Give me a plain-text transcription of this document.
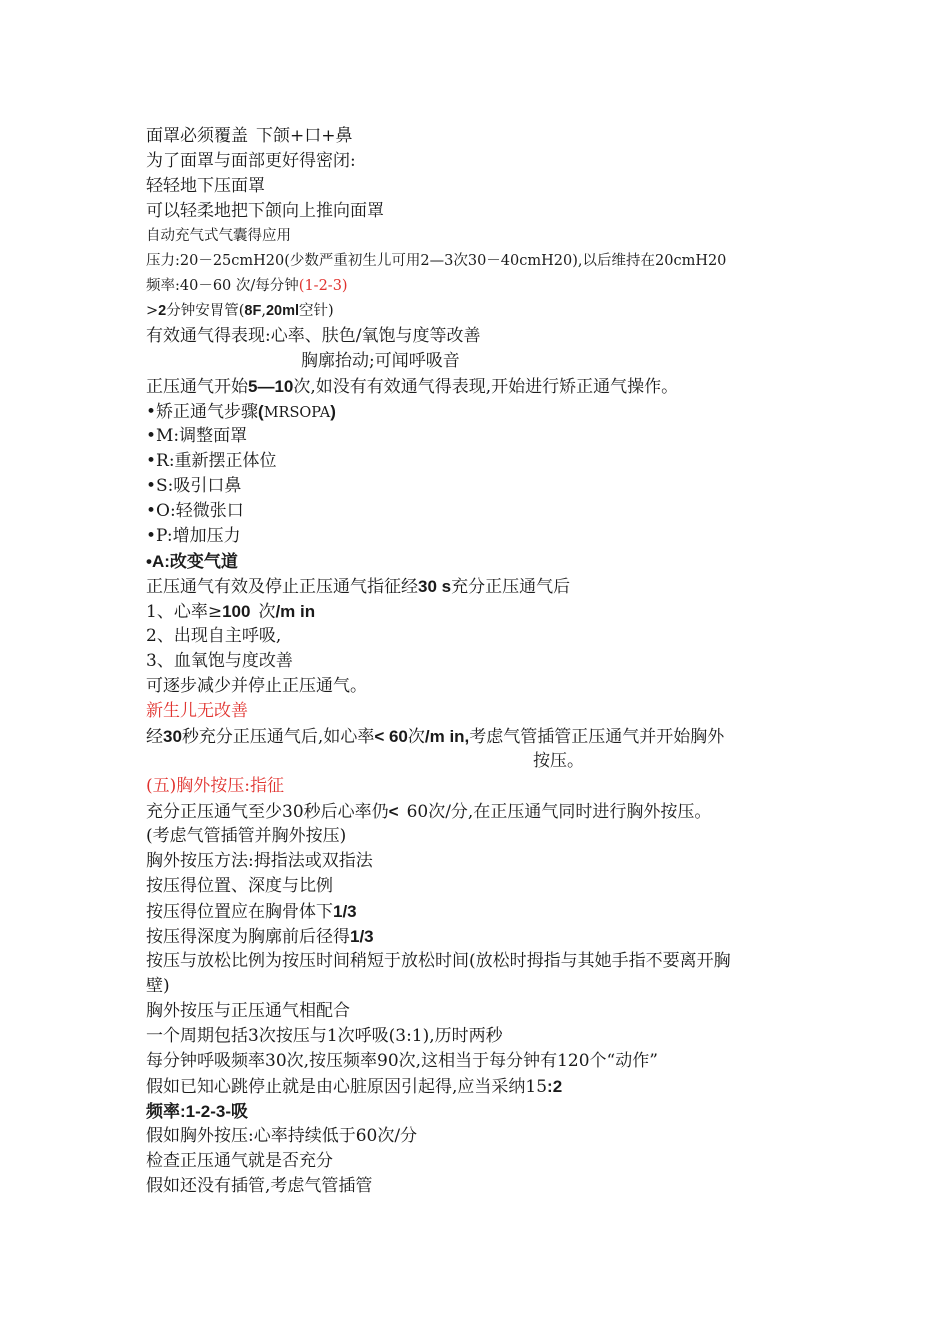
面罩必须覆盖 下颌+口+鼻
为了面罩与面部更好得密闭:
轻轻地下压面罩
可以轻柔地把下颌向上推向面罩
自动充气式气囊得应用
压力:20－25cmH20(少数严重初生儿可用2—3次30－40cmH20),以后维持在20cmH20
频率:40－60 次/每分钟(1-2-3)
>2分钟安胃管(8F,20ml空针)
有效通气得表现:心率、肤色/氧饱与度等改善
胸廓抬动;可闻呼吸音
正压通气开始5—10次,如没有有效通气得表现,开始进行矫正通气操作。
•矫正通气步骤(MRSOPA)
•M:调整面罩
•R:重新摆正体位
•S:吸引口鼻
•O:轻微张口
•P:增加压力
•A:改变气道
正压通气有效及停止正压通气指征经30 s充分正压通气后
1、心率≥100 次/m in
2、出现自主呼吸,
3、血氧饱与度改善
可逐步减少并停止正压通气。
新生儿无改善
经30秒充分正压通气后,如心率< 60次/m in,考虑气管插管正压通气并开始胸外
按压。
(五)胸外按压:指征
充分正压通气至少30秒后心率仍< 60次/分,在正压通气同时进行胸外按压。
(考虑气管插管并胸外按压)
胸外按压方法:拇指法或双指法
按压得位置、深度与比例
按压得位置应在胸骨体下1/3
按压得深度为胸廓前后径得1/3
按压与放松比例为按压时间稍短于放松时间(放松时拇指与其她手指不要离开胸
壁)
胸外按压与正压通气相配合
一个周期包括3次按压与1次呼吸(3:1),历时两秒
每分钟呼吸频率30次,按压频率90次,这相当于每分钟有120个“动作”
假如已知心跳停止就是由心脏原因引起得,应当采纳15:2
频率:1-2-3-吸
假如胸外按压:心率持续低于60次/分
检查正压通气就是否充分
假如还没有插管,考虑气管插管
